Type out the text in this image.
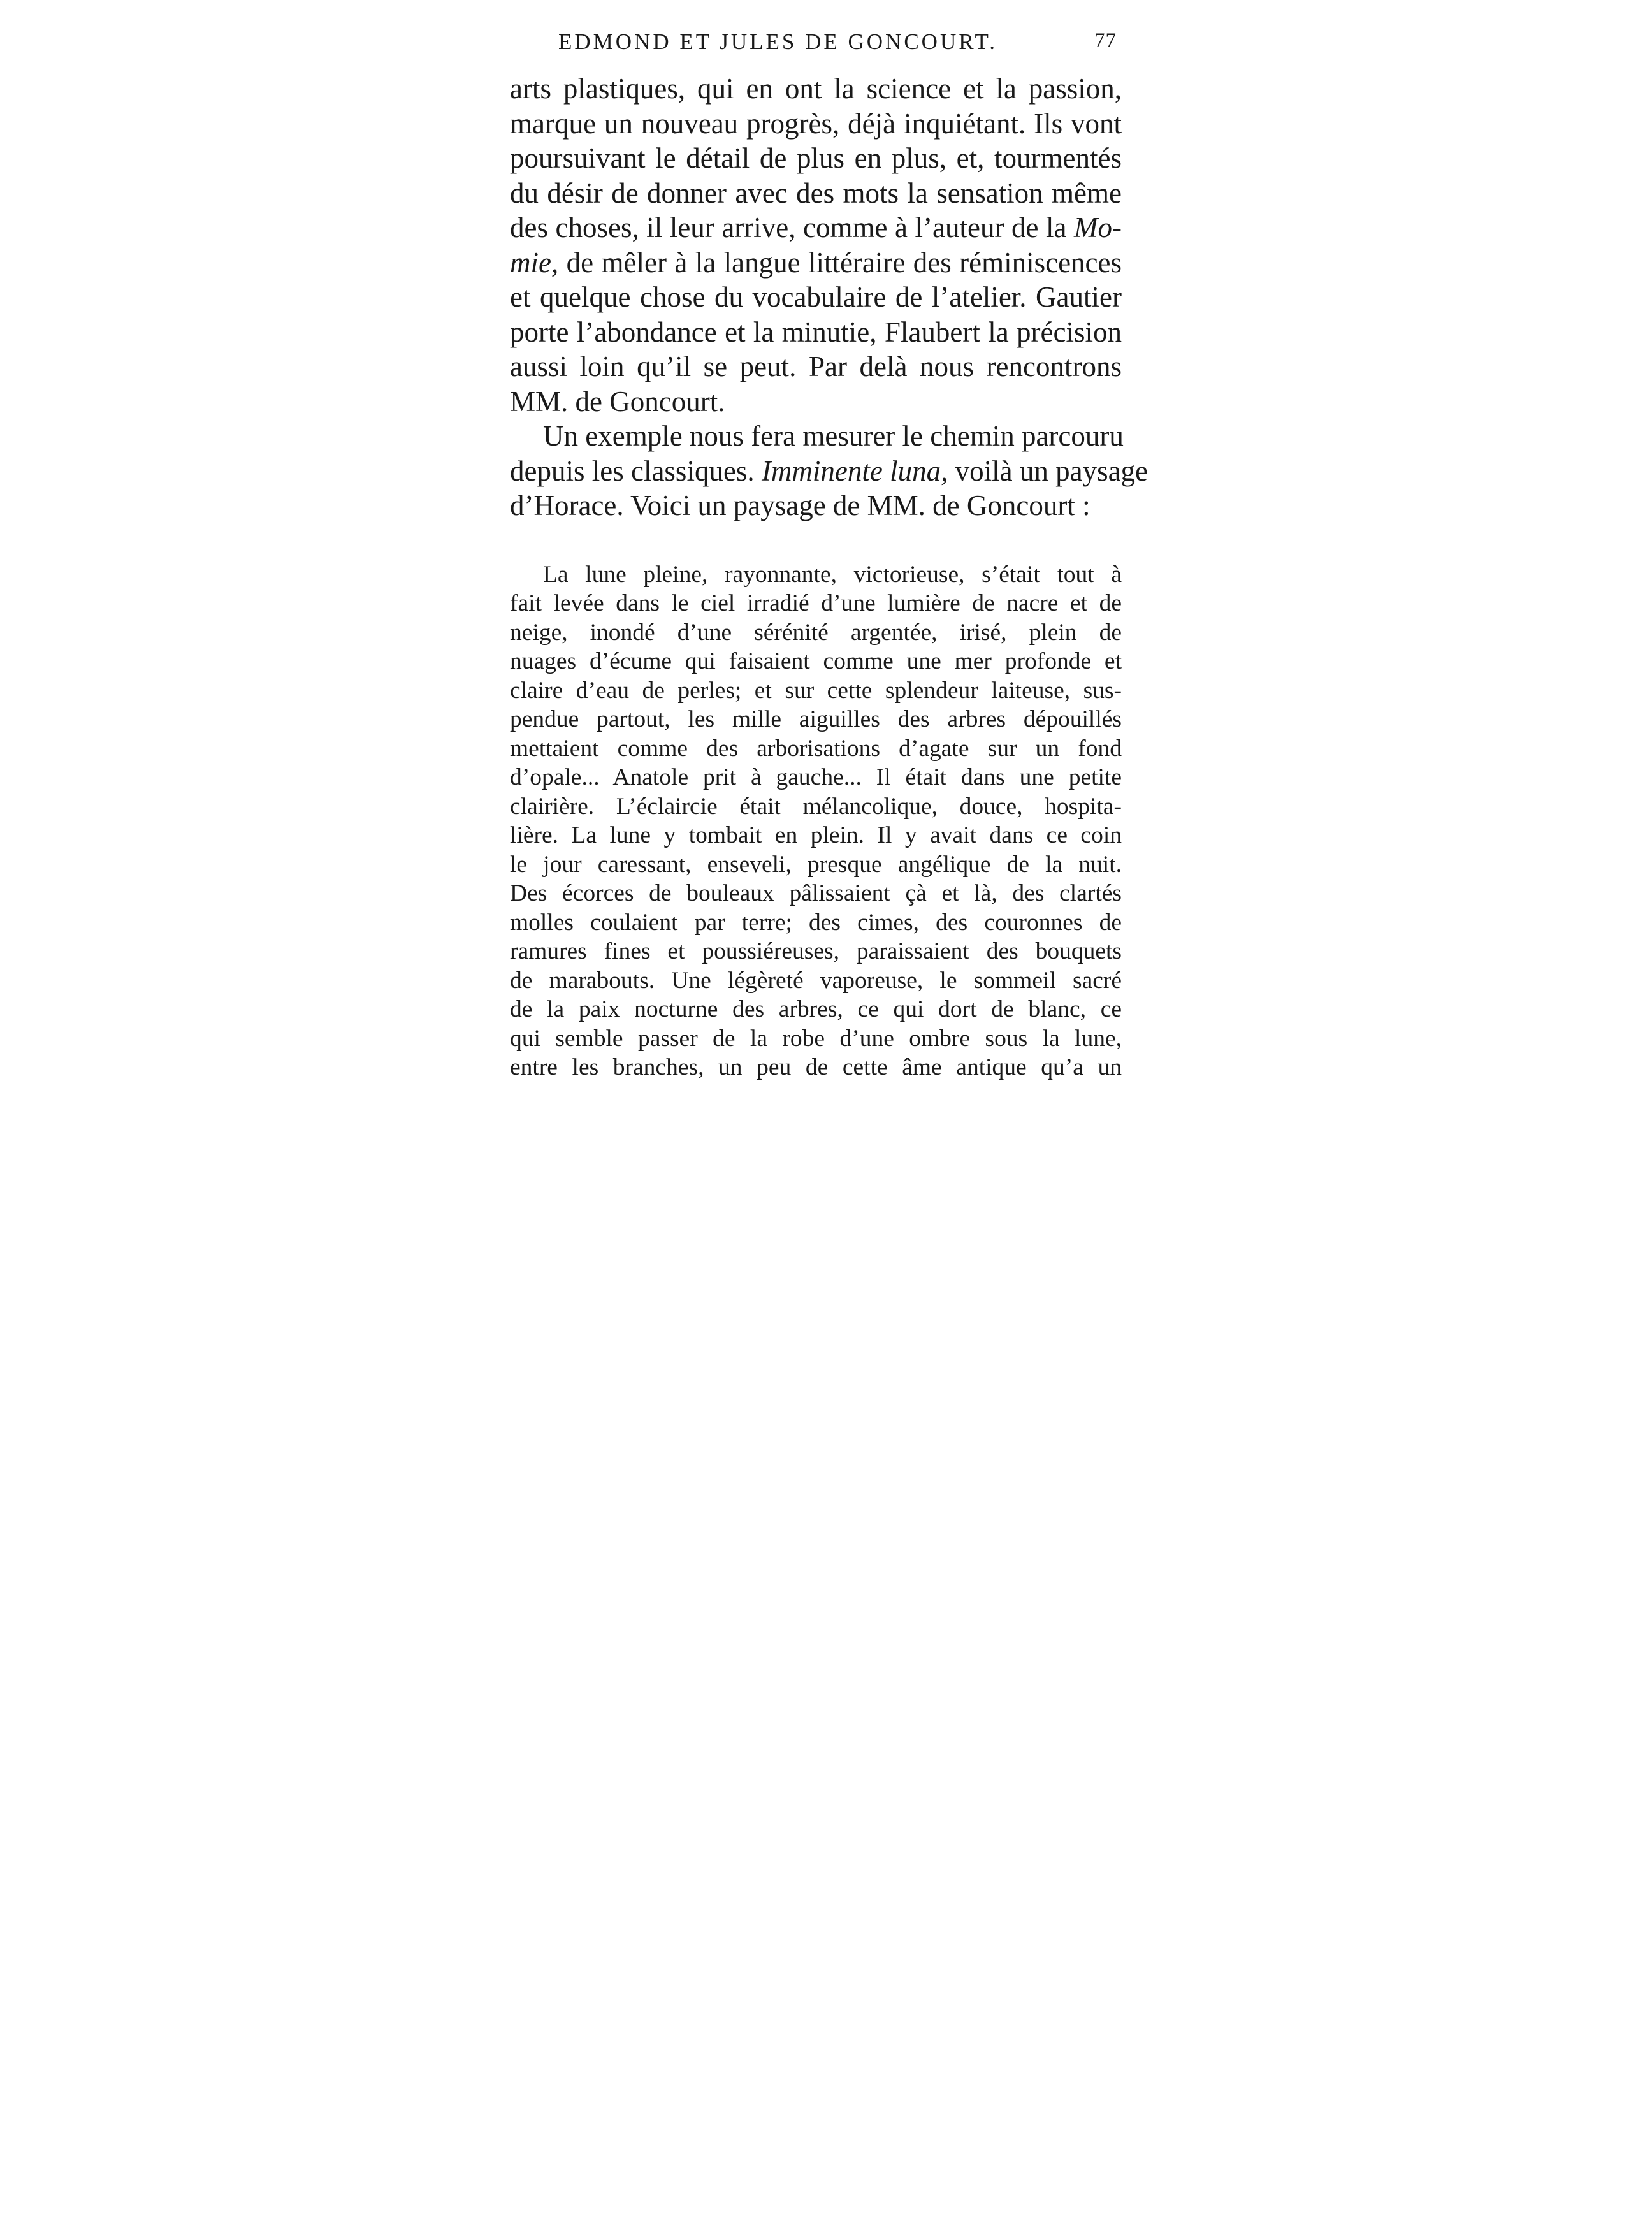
EDMOND ET JULES DE GONCOURT.	77
arts plastiques, qui en ont la science et la passion,
marque un nouveau progrès, déjà inquiétant. Ils vont
poursuivant le détail de plus en plus, et, tourmentés
du désir de donner avec des mots la sensation même
des choses, il leur arrive, comme à l’auteur de la Mo-
mie, de mêler à la langue littéraire des réminiscences
et quelque chose du vocabulaire de l’atelier. Gautier
porte l’abondance et la minutie, Flaubert la précision
aussi loin qu’il se peut. Par delà nous rencontrons
MM. de Goncourt.
Un exemple nous fera mesurer le chemin parcouru
depuis les classiques. Imminente luna, voilà un paysage
d’Horace. Voici un paysage de MM. de Goncourt :
La lune pleine, rayonnante, victorieuse, s’était tout à
fait levée dans le ciel irradié d’une lumière de nacre et de
neige, inondé d’une sérénité argentée, irisé, plein de
nuages d’écume qui faisaient comme une mer profonde et
claire d’eau de perles; et sur cette splendeur laiteuse, sus-
pendue partout, les mille aiguilles des arbres dépouillés
mettaient comme des arborisations d’agate sur un fond
d’opale... Anatole prit à gauche... Il était dans une petite
clairière. L’éclaircie était mélancolique, douce, hospita-
lière. La lune y tombait en plein. Il y avait dans ce coin
le jour caressant, enseveli, presque angélique de la nuit.
Des écorces de bouleaux pâlissaient çà et là, des clartés
molles coulaient par terre; des cimes, des couronnes de
ramures fines et poussiéreuses, paraissaient des bouquets
de marabouts. Une légèreté vaporeuse, le sommeil sacré
de la paix nocturne des arbres, ce qui dort de blanc, ce
qui semble passer de la robe d’une ombre sous la lune,
entre les branches, un peu de cette âme antique qu’a un
